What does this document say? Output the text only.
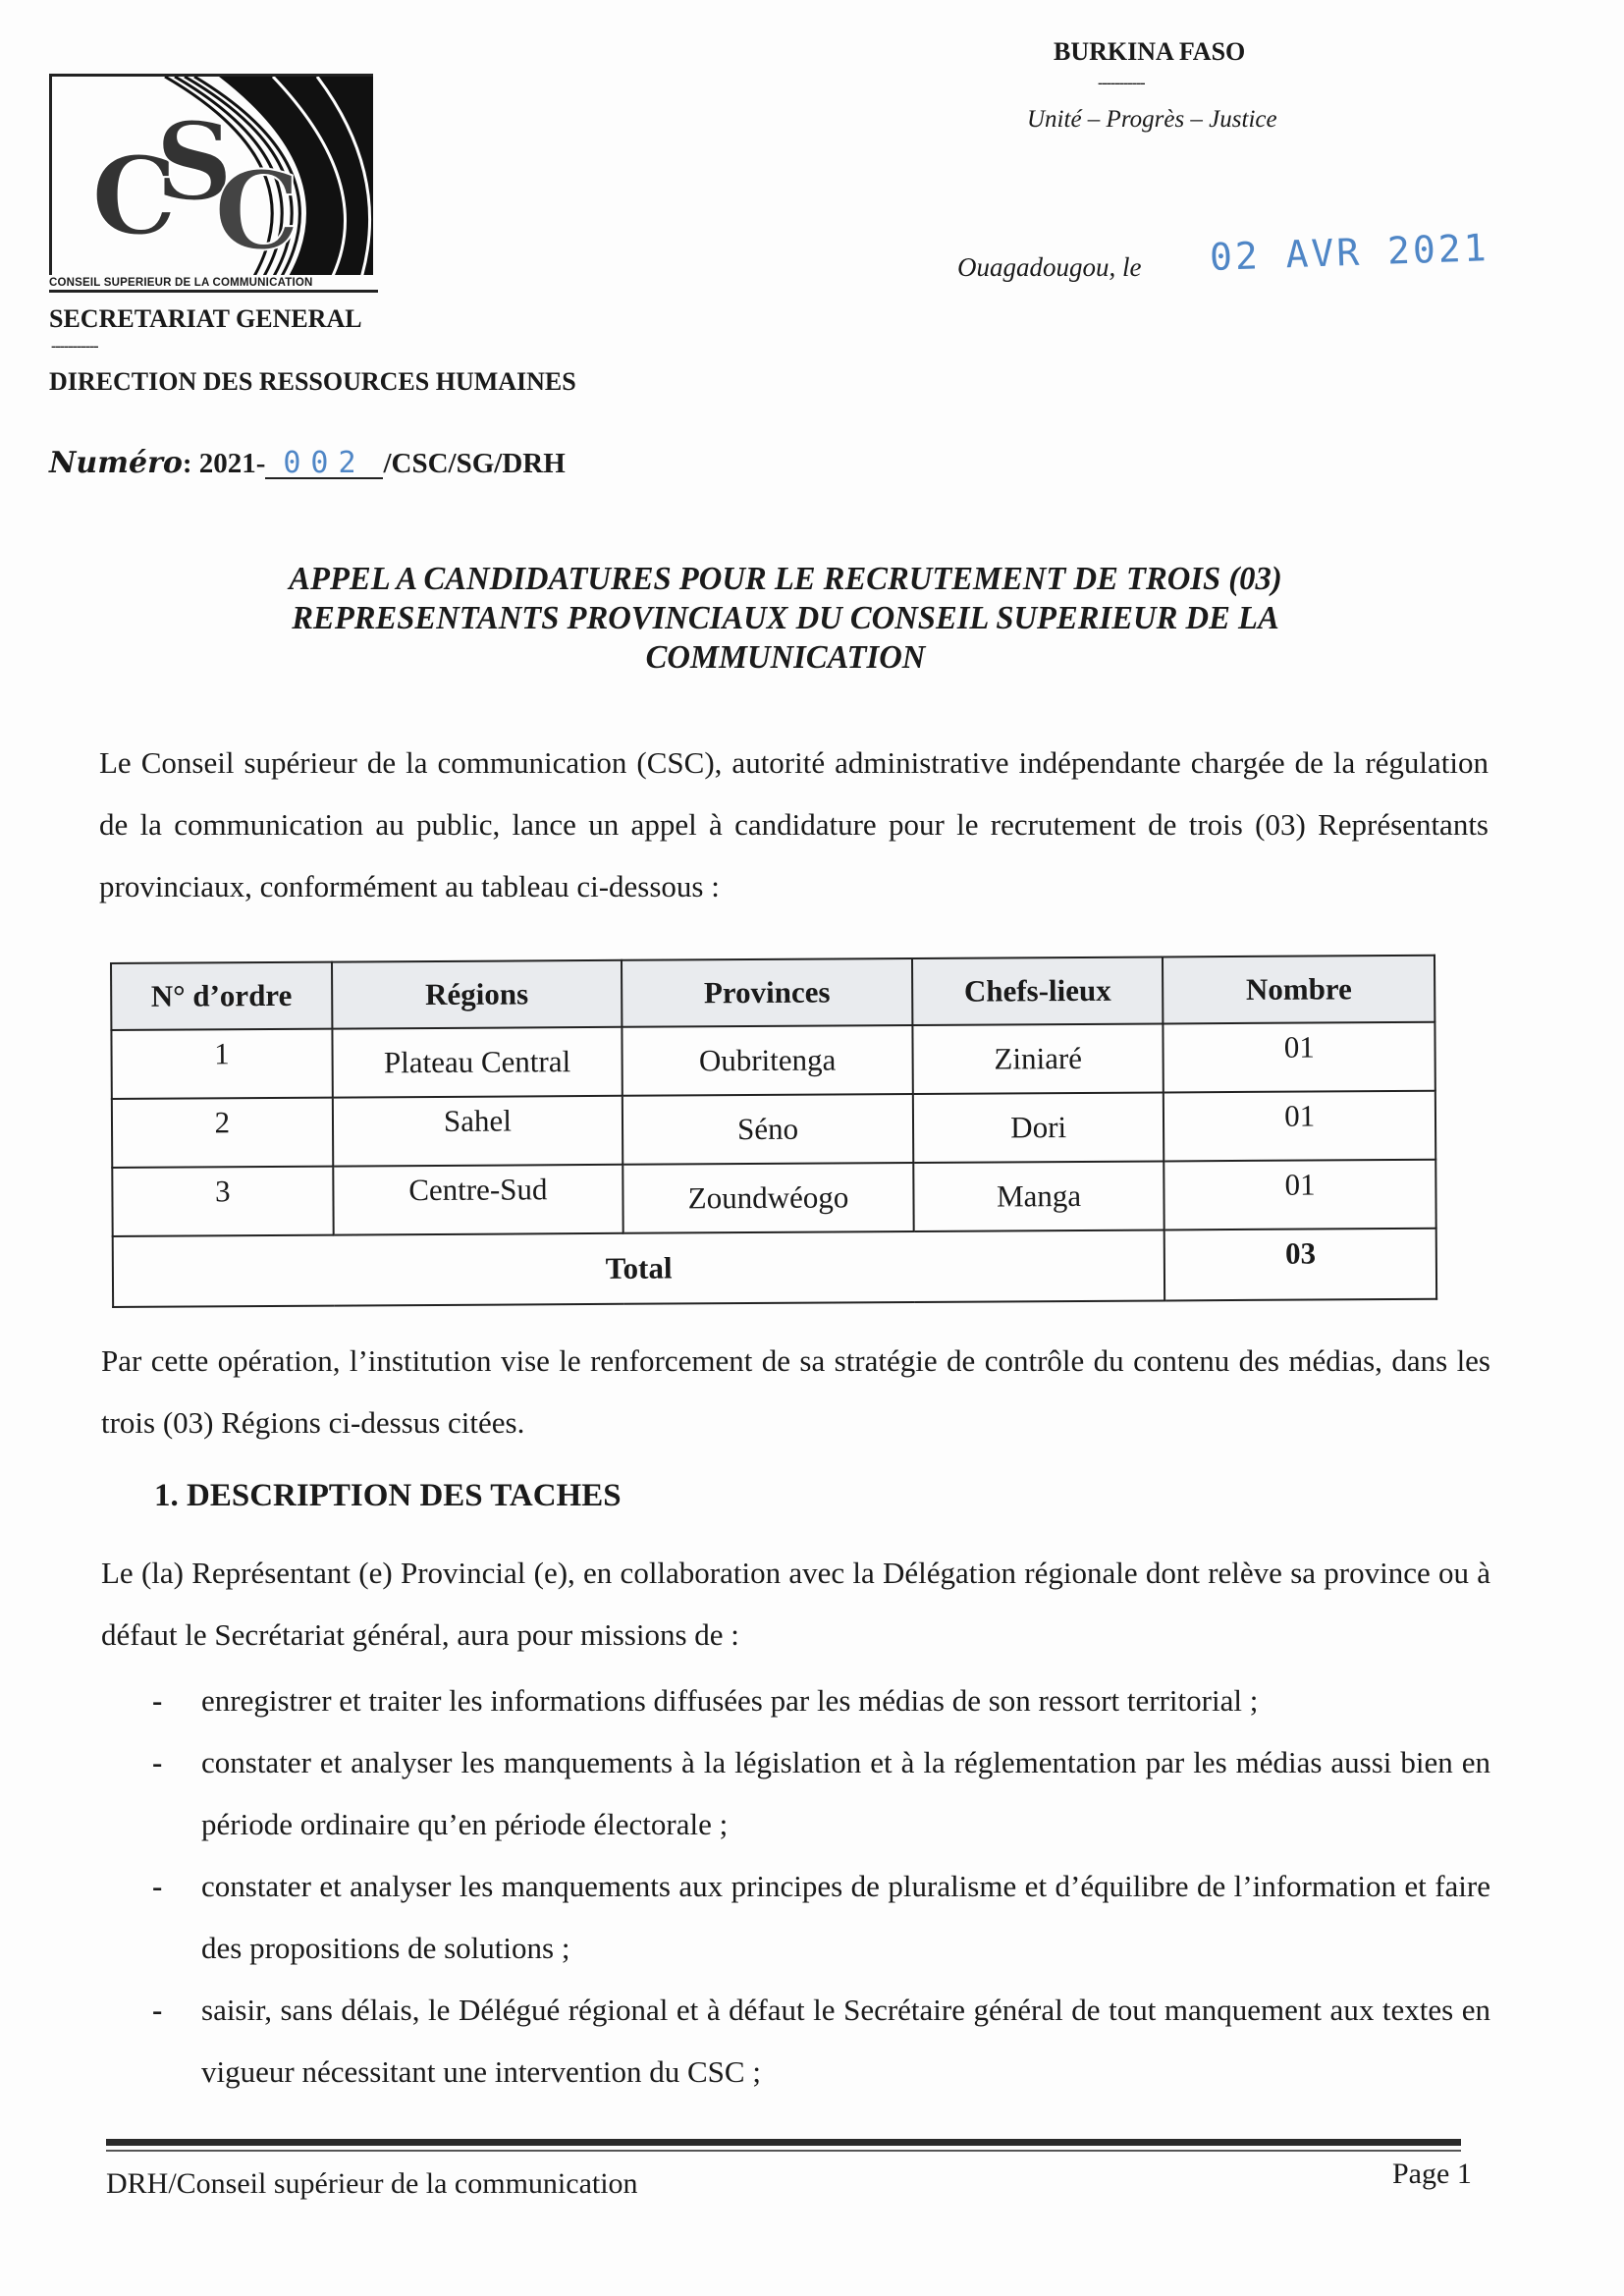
C
S
C
CONSEIL SUPERIEUR DE LA COMMUNICATION
SECRETARIAT GENERAL
-----------
DIRECTION DES RESSOURCES HUMAINES
Numéro: 2021- 002 /CSC/SG/DRH
BURKINA FASO
-----------
Unité – Progrès – Justice
Ouagadougou, le 02 AVR 2021
APPEL A CANDIDATURES POUR LE RECRUTEMENT DE TROIS (03)
REPRESENTANTS PROVINCIAUX DU CONSEIL SUPERIEUR DE LA
COMMUNICATION
Le Conseil supérieur de la communication (CSC), autorité administrative indépendante chargée de la régulation de la communication au public, lance un appel à candidature pour le recrutement de trois (03) Représentants provinciaux, conformément au tableau ci-dessous :
N° d’ordre	Régions	Provinces	Chefs-lieux	Nombre
1	Plateau Central	Oubritenga	Ziniaré	01
2	Sahel	Séno	Dori	01
3	Centre-Sud	Zoundwéogo	Manga	01
Total				03
Par cette opération, l’institution vise le renforcement de sa stratégie de contrôle du contenu des médias, dans les trois (03) Régions ci-dessus citées.
1. DESCRIPTION DES TACHES
Le (la) Représentant (e) Provincial (e), en collaboration avec la Délégation régionale dont relève sa province ou à défaut le Secrétariat général, aura pour missions de :
- enregistrer et traiter les informations diffusées par les médias de son ressort territorial ;
- constater et analyser les manquements à la législation et à la réglementation par les médias aussi bien en période ordinaire qu’en période électorale ;
- constater et analyser les manquements aux principes de pluralisme et d’équilibre de l’information et faire des propositions de solutions ;
- saisir, sans délais, le Délégué régional et à défaut le Secrétaire général de tout manquement aux textes en vigueur nécessitant une intervention du CSC ;
DRH/Conseil supérieur de la communication	Page 1
